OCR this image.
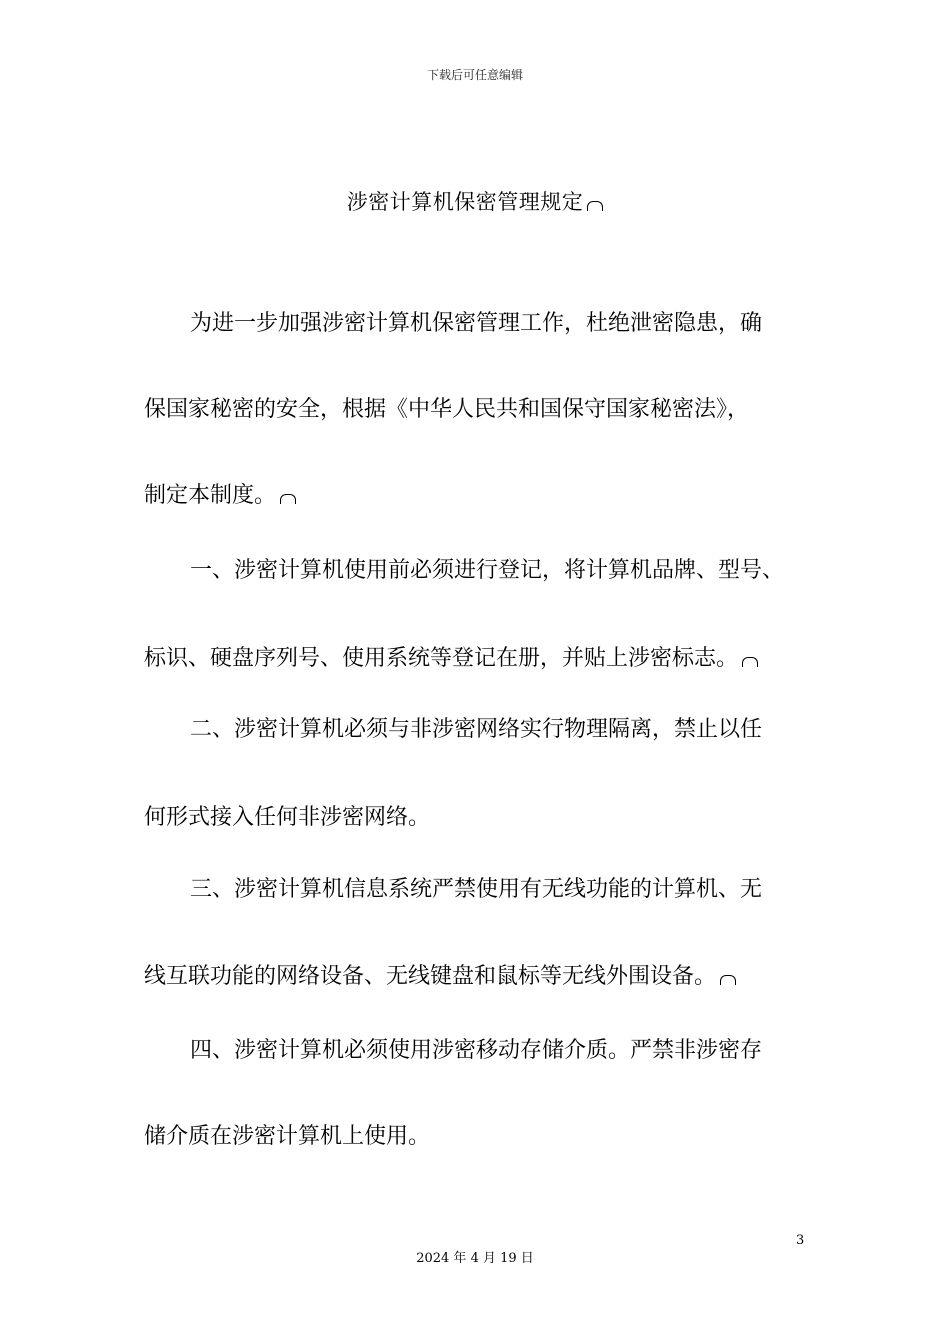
下载后可任意编辑
涉密计算机保密管理规定
为进一步加强涉密计算机保密管理工作，杜绝泄密隐患，确
保国家秘密的安全，根据《中华人民共和国保守国家秘密法》，
制定本制度。
一、涉密计算机使用前必须进行登记，将计算机品牌、型号、
标识、硬盘序列号、使用系统等登记在册，并贴上涉密标志。
二、涉密计算机必须与非涉密网络实行物理隔离，禁止以任
何形式接入任何非涉密网络。
三、涉密计算机信息系统严禁使用有无线功能的计算机、无
线互联功能的网络设备、无线键盘和鼠标等无线外围设备。
四、涉密计算机必须使用涉密移动存储介质。严禁非涉密存
储介质在涉密计算机上使用。
3
2024 年 4 月 19 日
